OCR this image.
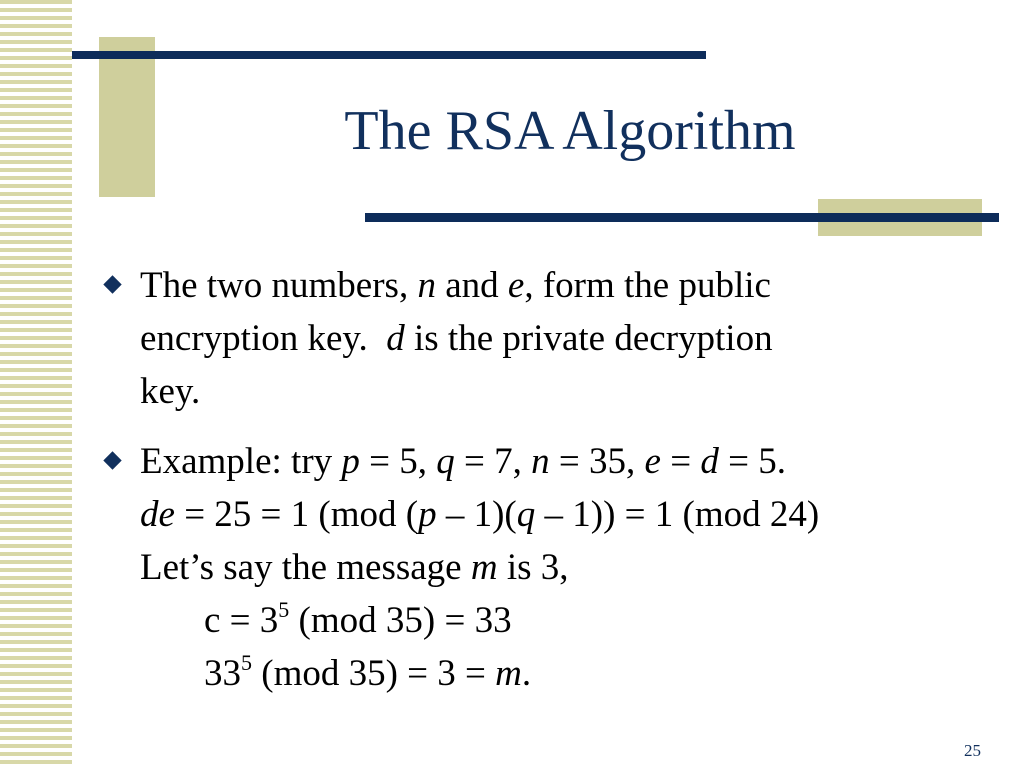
The RSA Algorithm
The two numbers, n and e, form the public
encryption key.  d is the private decryption
key.
Example: try p = 5, q = 7, n = 35, e = d = 5.
de = 25 = 1 (mod (p – 1)(q – 1)) = 1 (mod 24)
Let’s say the message m is 3,
$c = 3^5$ (mod 35) = 33
$33^5$ (mod 35) = 3 = m.
25
